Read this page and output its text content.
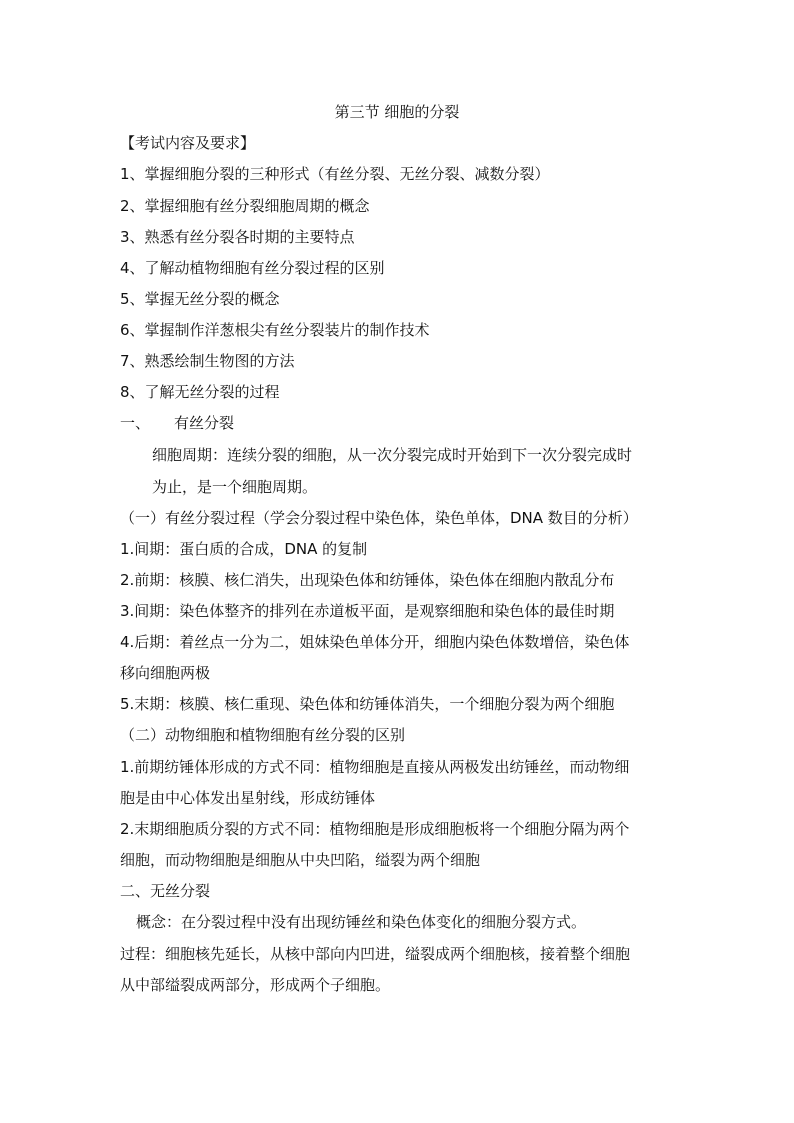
第三节 细胞的分裂
【考试内容及要求】
1、掌握细胞分裂的三种形式（有丝分裂、无丝分裂、减数分裂）
2、掌握细胞有丝分裂细胞周期的概念
3、熟悉有丝分裂各时期的主要特点
4、了解动植物细胞有丝分裂过程的区别
5、掌握无丝分裂的概念
6、掌握制作洋葱根尖有丝分裂装片的制作技术
7、熟悉绘制生物图的方法
8、了解无丝分裂的过程
一、 有丝分裂
细胞周期：连续分裂的细胞，从一次分裂完成时开始到下一次分裂完成时
为止，是一个细胞周期。
（一）有丝分裂过程（学会分裂过程中染色体，染色单体，DNA 数目的分析）
1.间期：蛋白质的合成，DNA 的复制
2.前期：核膜、核仁消失，出现染色体和纺锤体，染色体在细胞内散乱分布
3.间期：染色体整齐的排列在赤道板平面，是观察细胞和染色体的最佳时期
4.后期：着丝点一分为二，姐妹染色单体分开，细胞内染色体数增倍，染色体
移向细胞两极
5.末期：核膜、核仁重现、染色体和纺锤体消失，一个细胞分裂为两个细胞
（二）动物细胞和植物细胞有丝分裂的区别
1.前期纺锤体形成的方式不同：植物细胞是直接从两极发出纺锤丝，而动物细
胞是由中心体发出星射线，形成纺锤体
2.末期细胞质分裂的方式不同：植物细胞是形成细胞板将一个细胞分隔为两个
细胞，而动物细胞是细胞从中央凹陷，缢裂为两个细胞
二、无丝分裂
概念：在分裂过程中没有出现纺锤丝和染色体变化的细胞分裂方式。
过程：细胞核先延长，从核中部向内凹进，缢裂成两个细胞核，接着整个细胞
从中部缢裂成两部分，形成两个子细胞。
